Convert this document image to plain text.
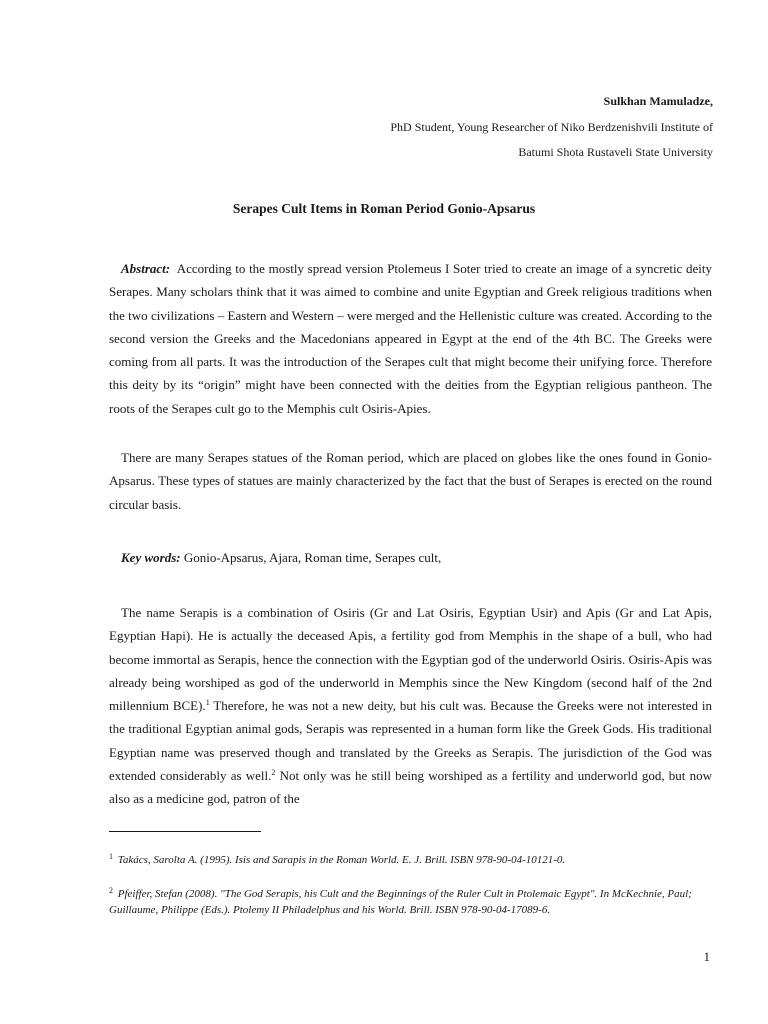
Sulkhan Mamuladze,
PhD Student, Young Researcher of Niko Berdzenishvili Institute of
Batumi Shota Rustaveli State University
Serapes Cult Items in Roman Period Gonio-Apsarus

Abstract: According to the mostly spread version Ptolemeus I Soter tried to create an image of a syncretic deity Serapes. Many scholars think that it was aimed to combine and unite Egyptian and Greek religious traditions when the two civilizations – Eastern and Western – were merged and the Hellenistic culture was created. According to the second version the Greeks and the Macedonians appeared in Egypt at the end of the 4th BC. The Greeks were coming from all parts. It was the introduction of the Serapes cult that might become their unifying force. Therefore this deity by its “origin” might have been connected with the deities from the Egyptian religious pantheon. The roots of the Serapes cult go to the Memphis cult Osiris-Apies.

There are many Serapes statues of the Roman period, which are placed on globes like the ones found in Gonio-Apsarus. These types of statues are mainly characterized by the fact that the bust of Serapes is erected on the round circular basis.

Key words: Gonio-Apsarus, Ajara, Roman time, Serapes cult,

The name Serapis is a combination of Osiris (Gr and Lat Osiris, Egyptian Usir) and Apis (Gr and Lat Apis, Egyptian Hapi). He is actually the deceased Apis, a fertility god from Memphis in the shape of a bull, who had become immortal as Serapis, hence the connection with the Egyptian god of the underworld Osiris. Osiris-Apis was already being worshiped as god of the underworld in Memphis since the New Kingdom (second half of the 2nd millennium BCE).$^1$ Therefore, he was not a new deity, but his cult was. Because the Greeks were not interested in the traditional Egyptian animal gods, Serapis was represented in a human form like the Greek Gods. His traditional Egyptian name was preserved though and translated by the Greeks as Serapis. The jurisdiction of the God was extended considerably as well.$^2$ Not only was he still being worshiped as a fertility and underworld god, but now also as a medicine god, patron of the

$^1$ Takács, Sarolta A. (1995). Isis and Sarapis in the Roman World. E. J. Brill. ISBN 978-90-04-10121-0.

$^2$ Pfeiffer, Stefan (2008). "The God Serapis, his Cult and the Beginnings of the Ruler Cult in Ptolemaic Egypt". In McKechnie, Paul; Guillaume, Philippe (Eds.). Ptolemy II Philadelphus and his World. Brill. ISBN 978-90-04-17089-6.

1
